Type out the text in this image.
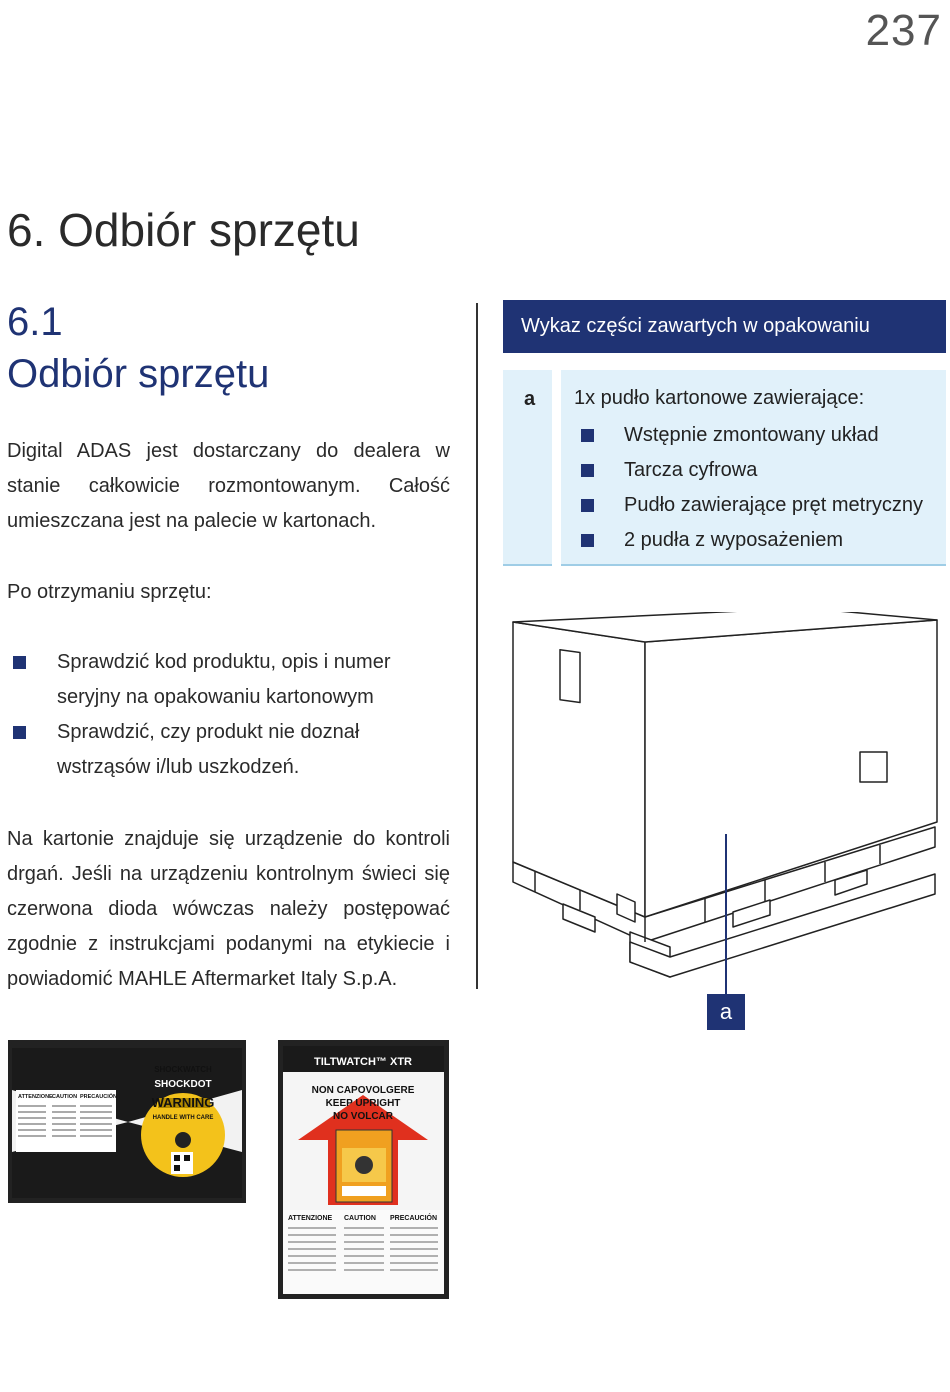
237
6. Odbiór sprzętu
6.1
Odbiór sprzętu

Digital ADAS jest dostarczany do dealera w stanie całkowicie rozmontowanym. Całość umieszczana jest na palecie w kartonach.

Po otrzymaniu sprzętu:

Sprawdzić kod produktu, opis i numer seryjny na opakowaniu kartonowym
Sprawdzić, czy produkt nie doznał wstrząsów i/lub uszkodzeń.

Na kartonie znajduje się urządzenie do kontroli drgań. Jeśli na urządzeniu kontrolnym świeci się czerwona dioda wówczas należy postępować zgodnie z instrukcjami podanymi na etykiecie i powiadomić MAHLE Aftermarket Italy S.p.A.

Wykaz części zawartych w opakowaniu
a 1x pudło kartonowe zawierające:
Wstępnie zmontowany układ
Tarcza cyfrowa
Pudło zawierające pręt metryczny
2 pudła z wyposażeniem
a
SHOCKWATCH
SHOCKDOT
WARNING
HANDLE WITH CARE
ATTENZIONE CAUTION PRECAUCIÓN
TILTWATCH™ XTR
NON CAPOVOLGERE
KEEP UPRIGHT
NO VOLCAR
ATTENZIONE CAUTION PRECAUCIÓN
